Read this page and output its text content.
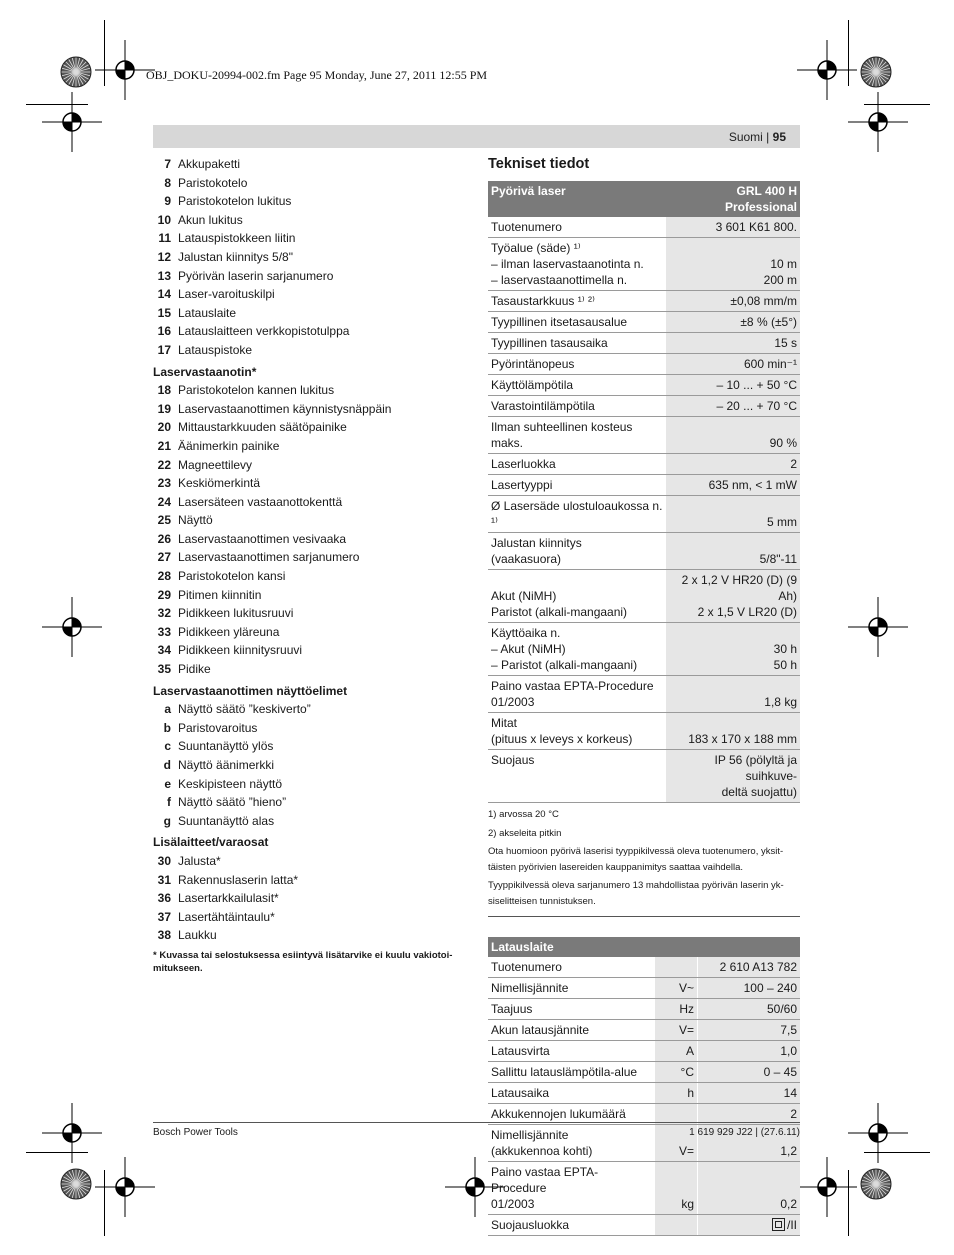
OBJ_DOKU-20994-002.fm Page 95 Monday, June 27, 2011 12:55 PM
Suomi | 95
7 Akkupaketti
8 Paristokotelo
9 Paristokotelon lukitus
10 Akun lukitus
11 Latauspistokkeen liitin
12 Jalustan kiinnitys 5/8"
13 Pyörivän laserin sarjanumero
14 Laser-varoituskilpi
15 Latauslaite
16 Latauslaitteen verkkopistotulppa
17 Latauspistoke
Laservastaanotin*
18 Paristokotelon kannen lukitus
19 Laservastaanottimen käynnistysnäppäin
20 Mittaustarkkuuden säätöpainike
21 Äänimerkin painike
22 Magneettilevy
23 Keskiömerkintä
24 Lasersäteen vastaanottokenttä
25 Näyttö
26 Laservastaanottimen vesivaaka
27 Laservastaanottimen sarjanumero
28 Paristokotelon kansi
29 Pitimen kiinnitin
32 Pidikkeen lukitusruuvi
33 Pidikkeen yläreuna
34 Pidikkeen kiinnitysruuvi
35 Pidike
Laservastaanottimen näyttöelimet
a Näyttö säätö ”keskiverto”
b Paristovaroitus
c Suuntanäyttö ylös
d Näyttö äänimerkki
e Keskipisteen näyttö
f Näyttö säätö ”hieno”
g Suuntanäyttö alas
Lisälaitteet/varaosat
30 Jalusta*
31 Rakennuslaserin latta*
36 Lasertarkkailulasit*
37 Lasertähtäintaulu*
38 Laukku
* Kuvassa tai selostuksessa esiintyvä lisätarvike ei kuulu vakiotoi-
mitukseen.
Tekniset tiedot
Pyörivä laser	GRL 400 H
Professional
Tuotenumero	3 601 K61 800.
Työalue (säde) ¹⁾
– ilman laservastaanotinta n.
– laservastaanottimella n.	10 m
200 m
Tasaustarkkuus ¹⁾ ²⁾	±0,08 mm/m
Tyypillinen itsetasausalue	±8 % (±5°)
Tyypillinen tasausaika	15 s
Pyörintänopeus	600 min⁻¹
Käyttölämpötila	– 10 ... + 50 °C
Varastointilämpötila	– 20 ... + 70 °C
Ilman suhteellinen kosteus
maks.	90 %
Laserluokka	2
Lasertyyppi	635 nm, < 1 mW
Ø Lasersäde ulostuloaukossa n. ¹⁾	5 mm
Jalustan kiinnitys
(vaakasuora)	5/8"-11
Akut (NiMH)
Paristot (alkali-mangaani)	2 x 1,2 V HR20 (D) (9 Ah)
2 x 1,5 V LR20 (D)
Käyttöaika n.
– Akut (NiMH)
– Paristot (alkali-mangaani)	30 h
50 h
Paino vastaa EPTA-Procedure
01/2003	1,8 kg
Mitat
(pituus x leveys x korkeus)	183 x 170 x 188 mm
Suojaus	IP 56 (pölyltä ja suihkuve-
deltä suojattu)

1) arvossa 20 °C

2) akseleita pitkin

Ota huomioon pyörivä laserisi tyyppikilvessä oleva tuotenumero, yksit-
täisten pyörivien lasereiden kauppanimitys saattaa vaihdella.

Tyyppikilvessä oleva sarjanumero 13 mahdollistaa pyörivän laserin yk-
siselitteisen tunnistuksen.

Latauslaite		
Tuotenumero		2 610 A13 782
Nimellisjännite	V~	100 – 240
Taajuus	Hz	50/60
Akun latausjännite	V=	7,5
Latausvirta	A	1,0
Sallittu latauslämpötila-alue	°C	0 – 45
Latausaika	h	14
Akkukennojen lukumäärä		2
Nimellisjännite
(akkukennoa kohti)	V=	1,2
Paino vastaa EPTA-Procedure
01/2003	kg	0,2
Suojausluokka		/II
Bosch Power Tools	1 619 929 J22 | (27.6.11)
